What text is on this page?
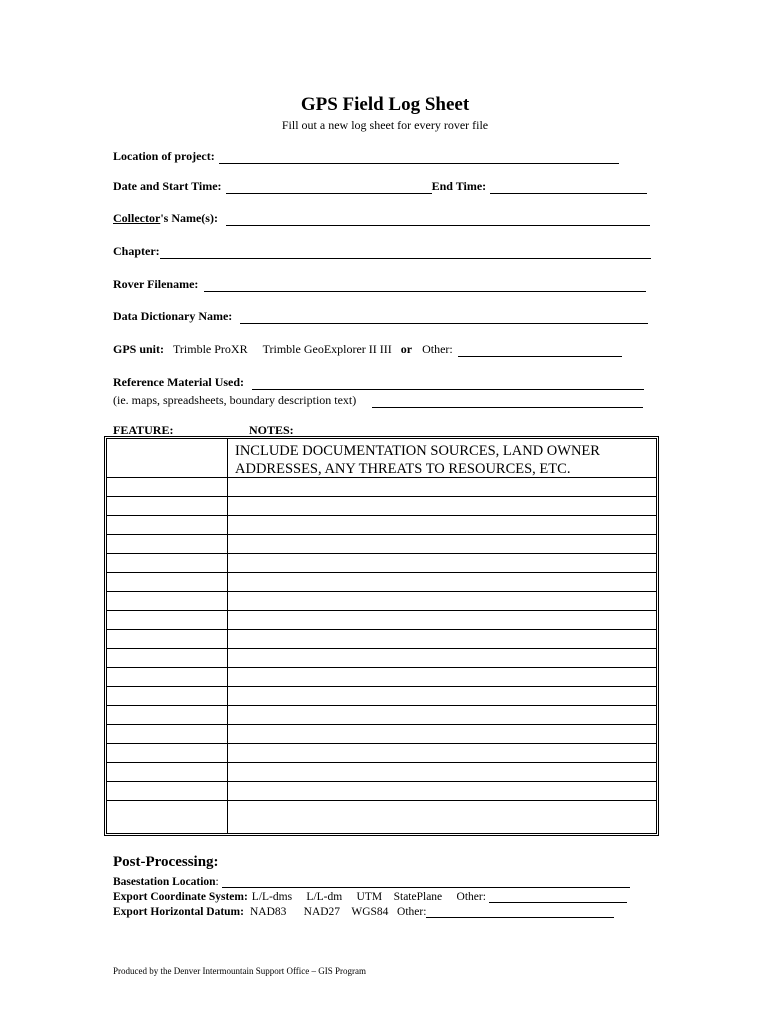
GPS Field Log Sheet
Fill out a new log sheet for every rover file
Location of project:
Date and Start Time:	End Time:
Collector 's Name(s):
Chapter:
Rover Filename:
Data Dictionary Name:
GPS unit: Trimble ProXR Trimble GeoExplorer II III or Other:
Reference Material Used:
(ie. maps, spreadsheets, boundary description text)
FEATURE:	NOTES:
INCLUDE DOCUMENTATION SOURCES, LAND OWNER ADDRESSES, ANY THREATS TO RESOURCES, ETC.
Post-Processing:
Basestation Location :
Export Coordinate System: L/L-dms     L/L-dm     UTM    StatePlane     Other:
Export Horizontal Datum: NAD83      NAD27    WGS84   Other:
Produced by the Denver Intermountain Support Office – GIS Program
